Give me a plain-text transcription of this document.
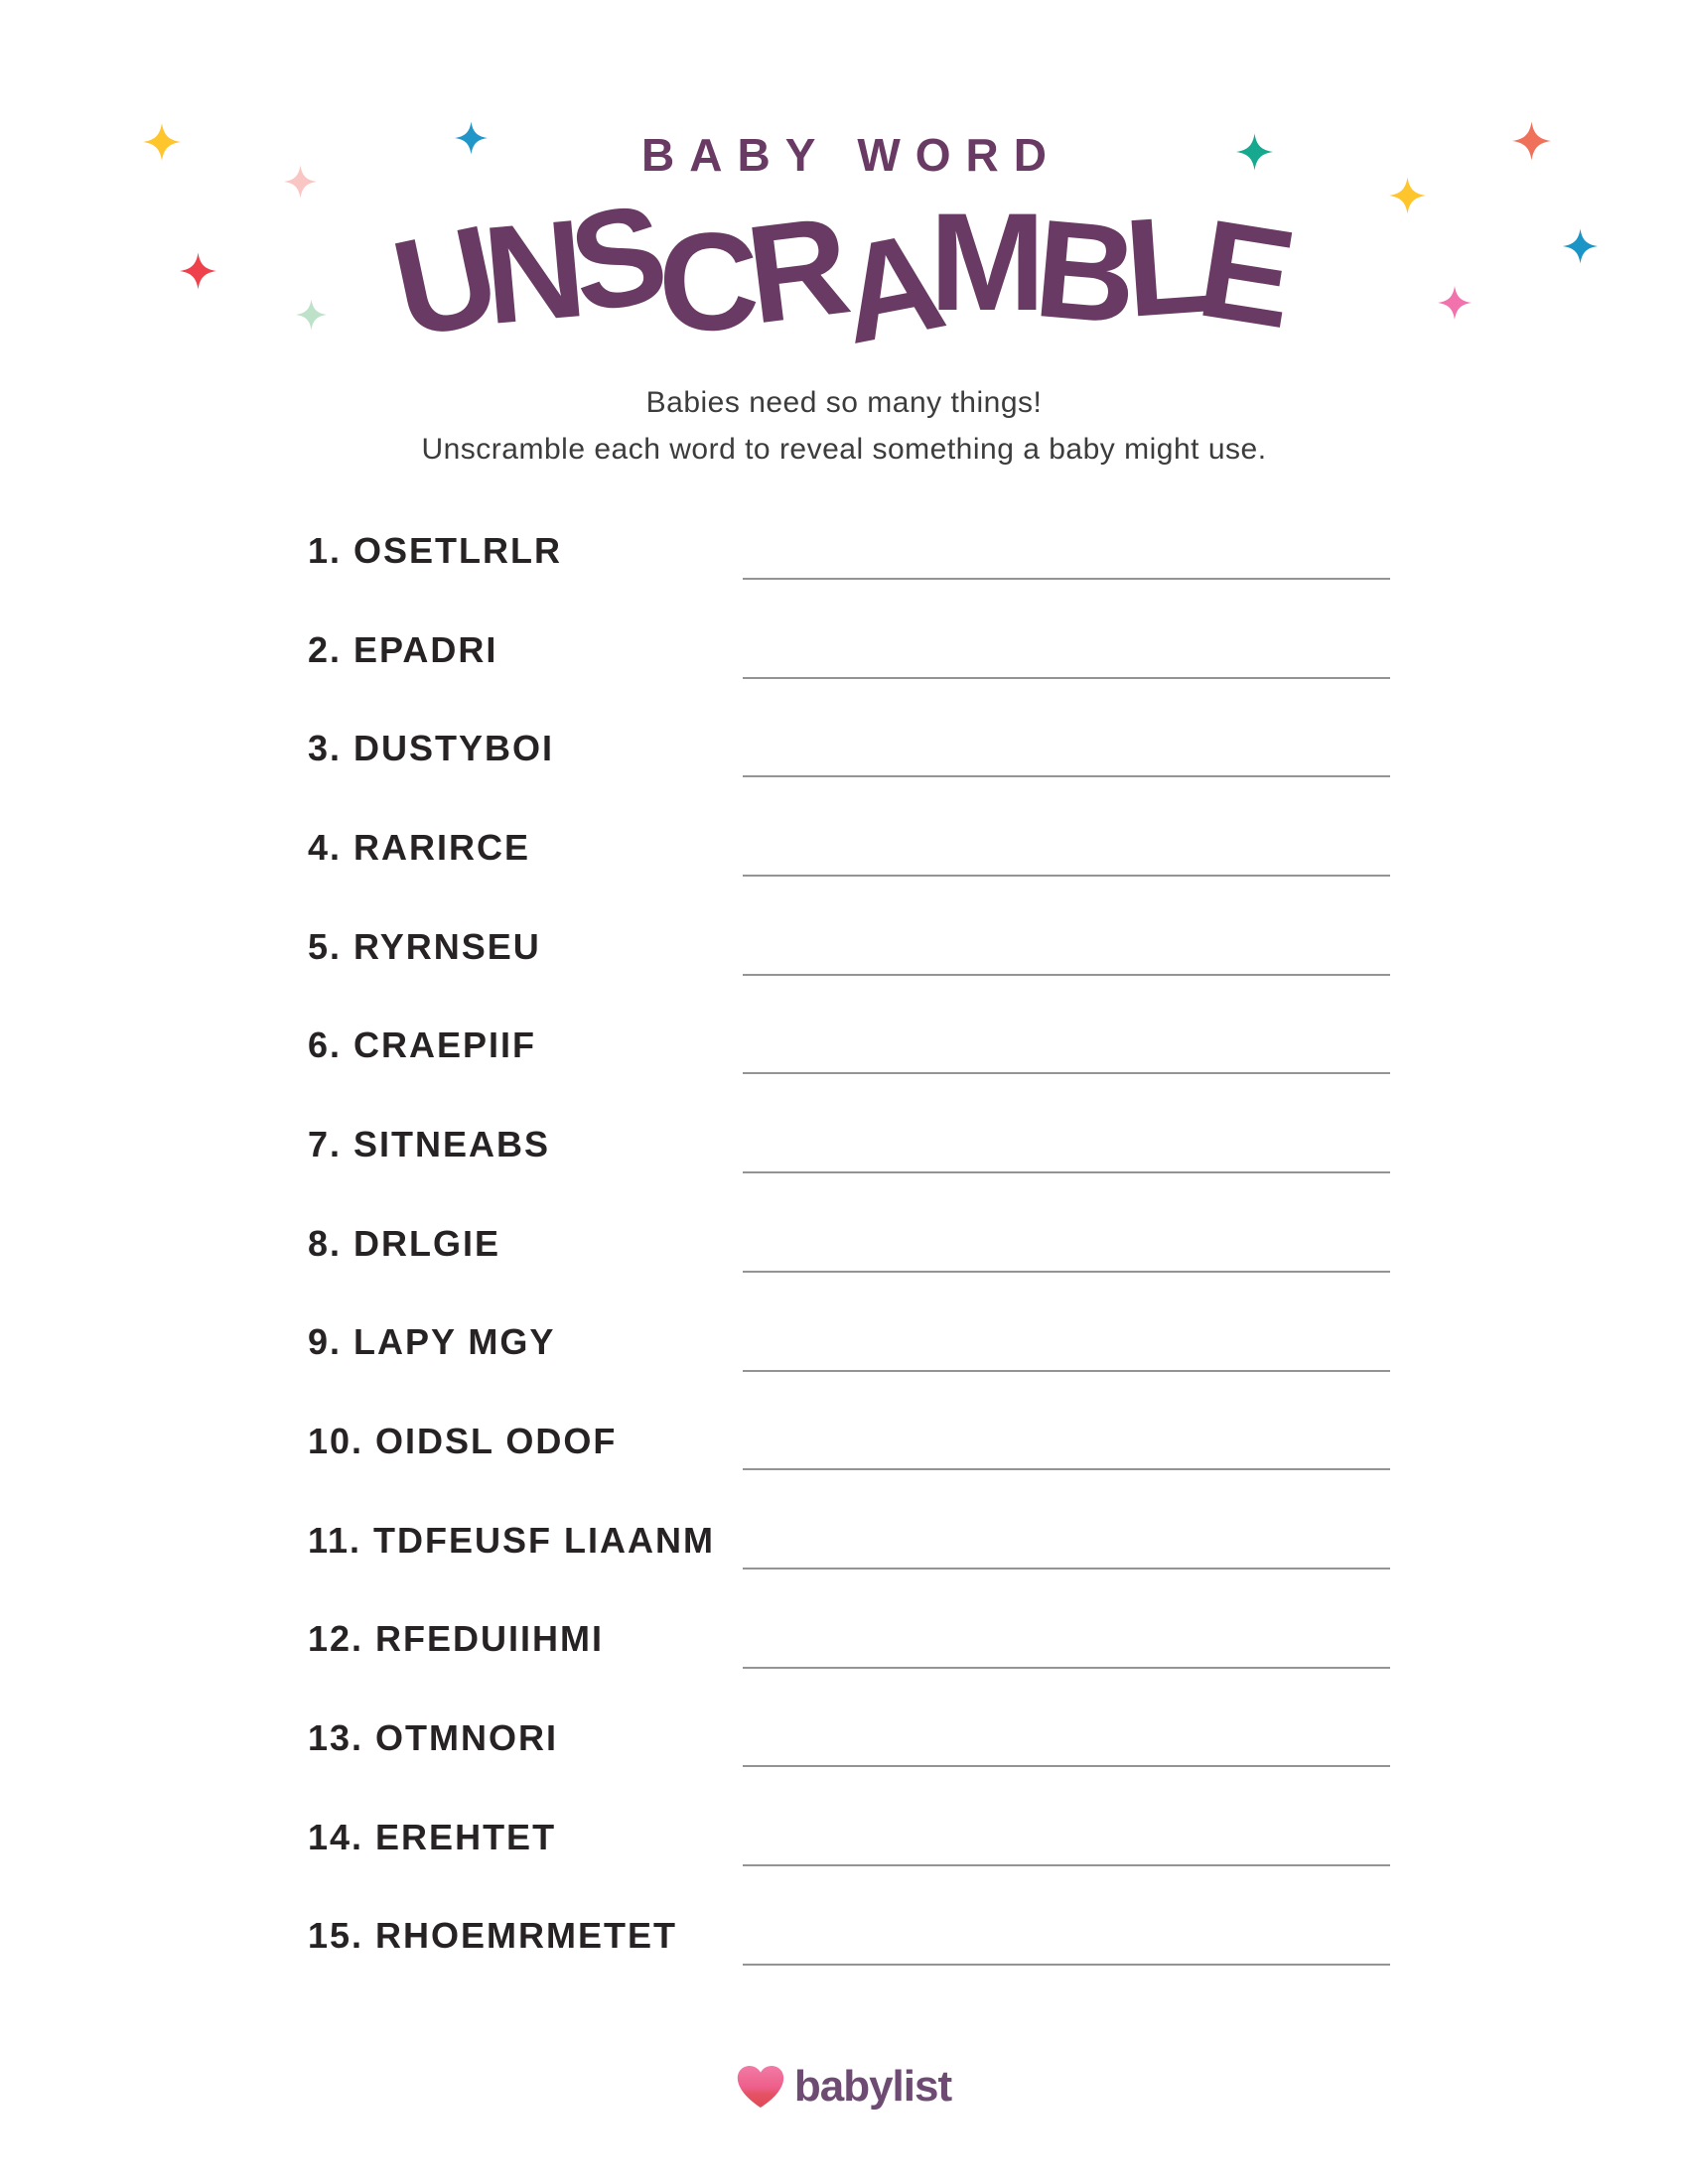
BABY WORD
U
N
S
C
R
A
M
B
L
E
Babies need so many things!
Unscramble each word to reveal something a baby might use.
1. OSETLRLR
2. EPADRI
3. DUSTYBOI
4. RARIRCE
5. RYRNSEU
6. CRAEPIIF
7. SITNEABS
8. DRLGIE
9. LAPY MGY
10. OIDSL ODOF
11. TDFEUSF LIAANM
12. RFEDUIIHMI
13. OTMNORI
14. EREHTET
15. RHOEMRMETET
babylist
